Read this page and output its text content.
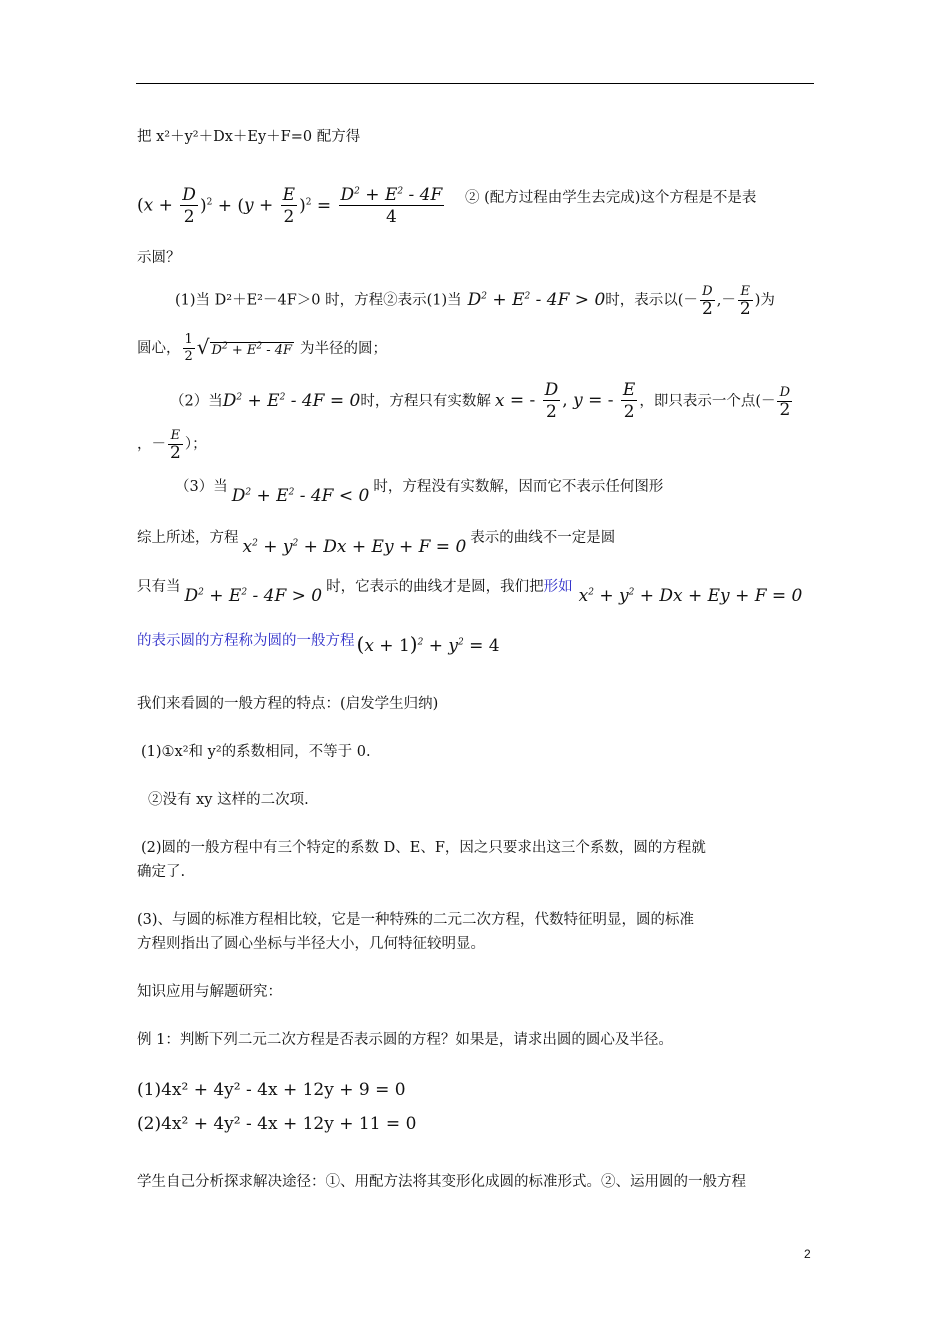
把 x²＋y²＋Dx＋Ey＋F=0 配方得
$(x + \frac{D}{2} )^2 + (y + \frac{E}{2} )^2 = \frac{D^2 + E^2 - 4F}{4}$ ② (配方过程由学生去完成)这个方程是不是表
示圆？
(1)当 D²＋E²－4F＞0 时，方程②表示(1)当 $D^2 + E^2 - 4F > 0$时，表示以(－ $\frac{D}{2}$ ,－ $\frac{E}{2}$ )为
圆心， $\frac{1}{2}$ √ $D^2 + E^2 - 4F$ 为半径的圆；
（2）当$D^2 + E^2 - 4F = 0$时，方程只有实数解 x = - $\frac{D}{2}$ , y = - $\frac{E}{2}$ ，即只表示一个点(－ $\frac{D}{2}$
，－ $\frac{E}{2}$ ）；
（3）当 $D^2 + E^2 - 4F < 0$ 时，方程没有实数解，因而它不表示任何图形
综上所述，方程 $x^2 + y^2 + Dx + Ey + F = 0$ 表示的曲线不一定是圆
只有当 $D^2 + E^2 - 4F > 0$ 时，它表示的曲线才是圆，我们把形如 $x^2 + y^2 + Dx + Ey + F = 0$
的表示圆的方程称为圆的一般方程 $(x + 1)^2 + y^2 = 4$
我们来看圆的一般方程的特点：(启发学生归纳)
(1)①x²和 y²的系数相同，不等于 0.
②没有 xy 这样的二次项.
(2)圆的一般方程中有三个特定的系数 D、E、F，因之只要求出这三个系数，圆的方程就
确定了.
(3)、与圆的标准方程相比较，它是一种特殊的二元二次方程，代数特征明显，圆的标准
方程则指出了圆心坐标与半径大小，几何特征较明显。
知识应用与解题研究：
例 1：判断下列二元二次方程是否表示圆的方程？如果是，请求出圆的圆心及半径。
(1)4x² + 4y² - 4x + 12y + 9 = 0
(2)4x² + 4y² - 4x + 12y + 11 = 0
学生自己分析探求解决途径：①、用配方法将其变形化成圆的标准形式。②、运用圆的一般方程
2
